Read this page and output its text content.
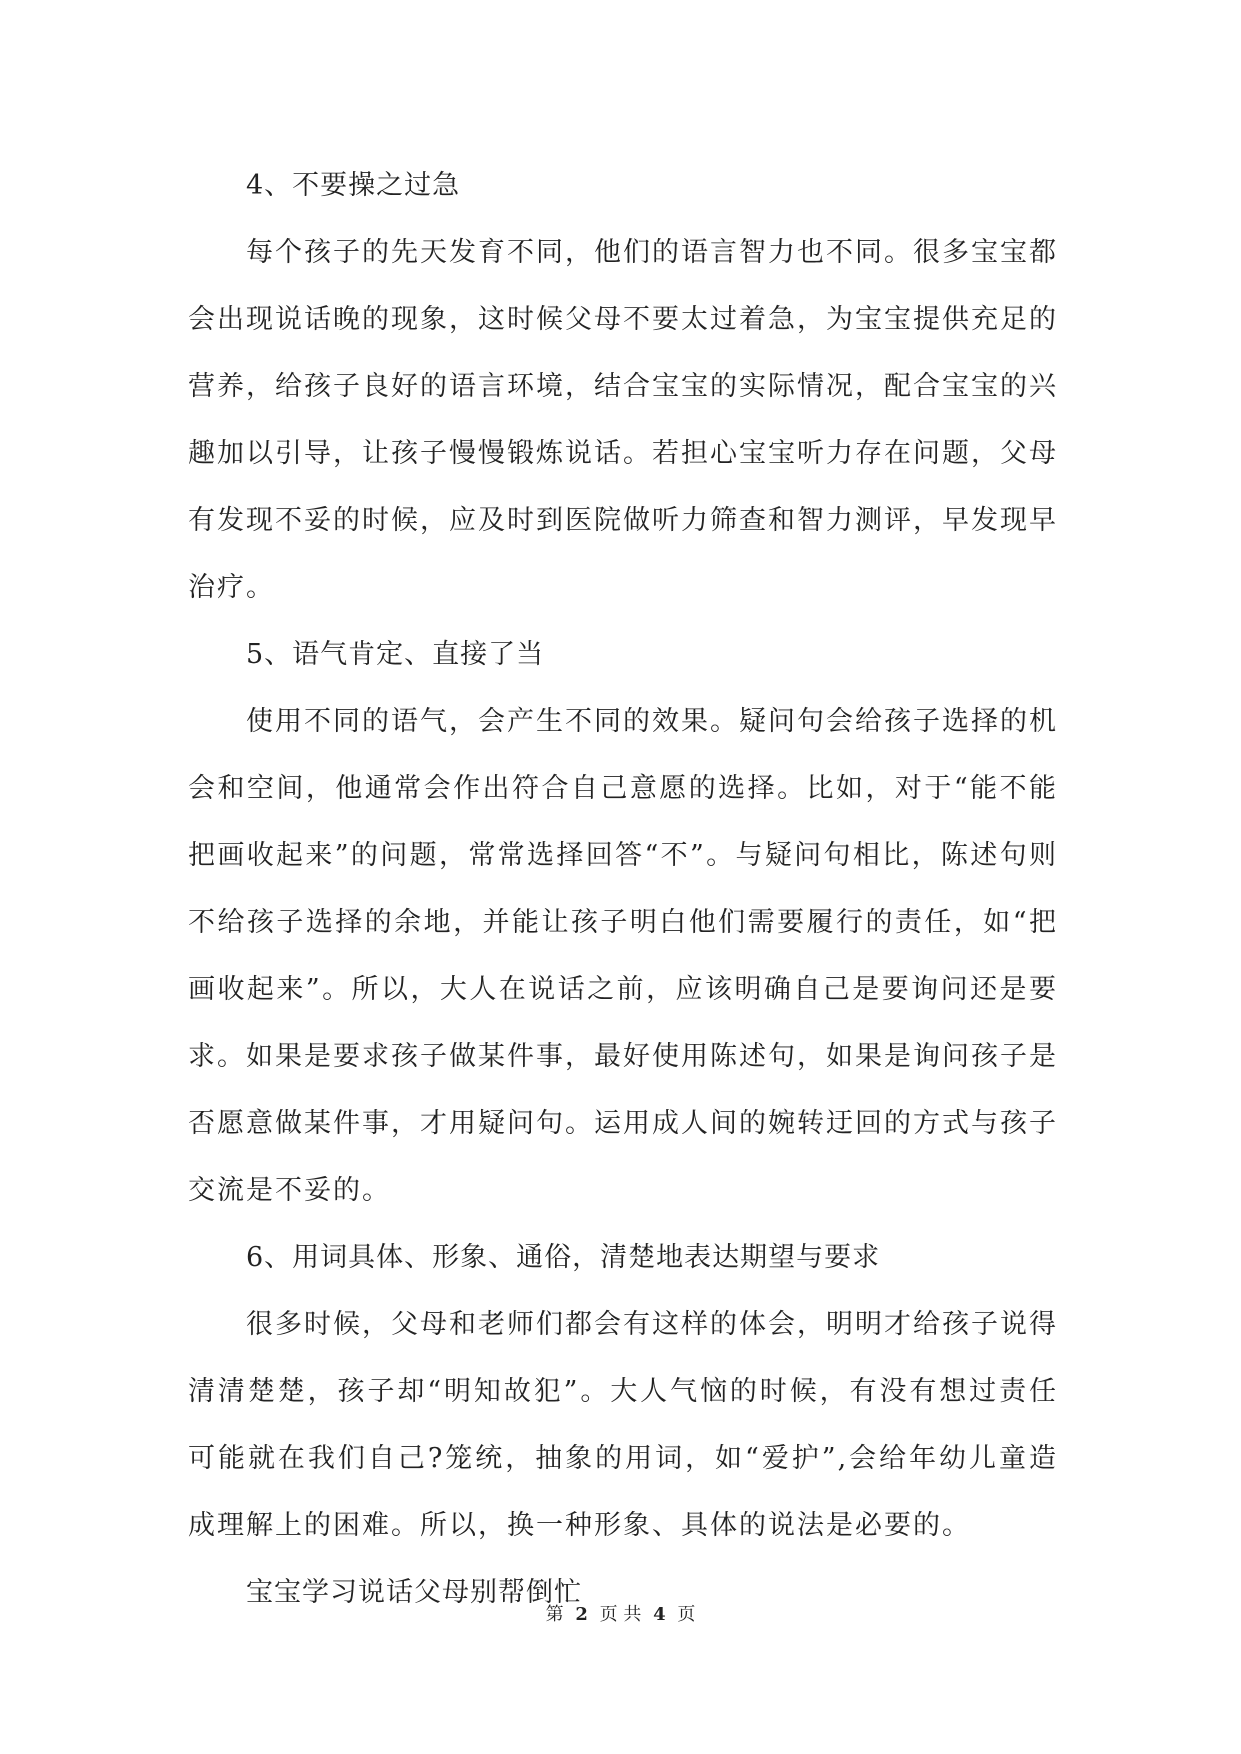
4、不要操之过急

每个孩子的先天发育不同，他们的语言智力也不同。很多宝宝都会出现说话晚的现象，这时候父母不要太过着急，为宝宝提供充足的营养，给孩子良好的语言环境，结合宝宝的实际情况，配合宝宝的兴趣加以引导，让孩子慢慢锻炼说话。若担心宝宝听力存在问题，父母有发现不妥的时候，应及时到医院做听力筛查和智力测评，早发现早治疗。

5、语气肯定、直接了当

使用不同的语气，会产生不同的效果。疑问句会给孩子选择的机会和空间，他通常会作出符合自己意愿的选择。比如，对于“能不能把画收起来”的问题，常常选择回答“不”。与疑问句相比，陈述句则不给孩子选择的余地，并能让孩子明白他们需要履行的责任，如“把画收起来”。所以，大人在说话之前，应该明确自己是要询问还是要求。如果是要求孩子做某件事，最好使用陈述句，如果是询问孩子是否愿意做某件事，才用疑问句。运用成人间的婉转迂回的方式与孩子交流是不妥的。

6、用词具体、形象、通俗，清楚地表达期望与要求

很多时候，父母和老师们都会有这样的体会，明明才给孩子说得清清楚楚，孩子却“明知故犯”。大人气恼的时候，有没有想过责任可能就在我们自己?笼统，抽象的用词，如“爱护”,会给年幼儿童造成理解上的困难。所以，换一种形象、具体的说法是必要的。

宝宝学习说话父母别帮倒忙
第 2 页 共 4 页
